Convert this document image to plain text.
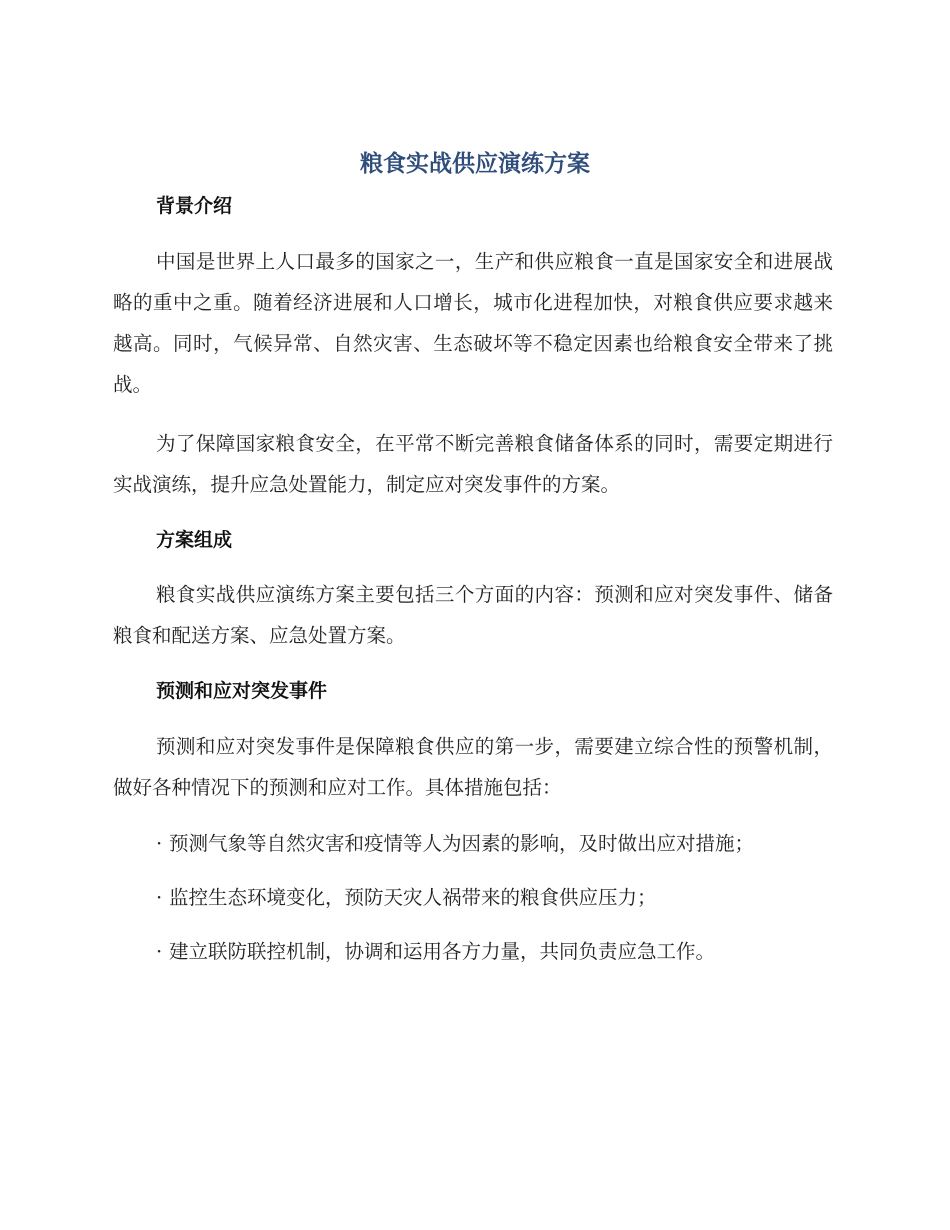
粮食实战供应演练方案
背景介绍

中国是世界上人口最多的国家之一，生产和供应粮食一直是国家安全和进展战略的重中之重。随着经济进展和人口增长，城市化进程加快，对粮食供应要求越来越高。同时，气候异常、自然灾害、生态破坏等不稳定因素也给粮食安全带来了挑战。

为了保障国家粮食安全，在平常不断完善粮食储备体系的同时，需要定期进行实战演练，提升应急处置能力，制定应对突发事件的方案。

方案组成

粮食实战供应演练方案主要包括三个方面的内容：预测和应对突发事件、储备粮食和配送方案、应急处置方案。

预测和应对突发事件

预测和应对突发事件是保障粮食供应的第一步，需要建立综合性的预警机制，做好各种情况下的预测和应对工作。具体措施包括：

· 预测气象等自然灾害和疫情等人为因素的影响，及时做出应对措施；

· 监控生态环境变化，预防天灾人祸带来的粮食供应压力；

· 建立联防联控机制，协调和运用各方力量，共同负责应急工作。
